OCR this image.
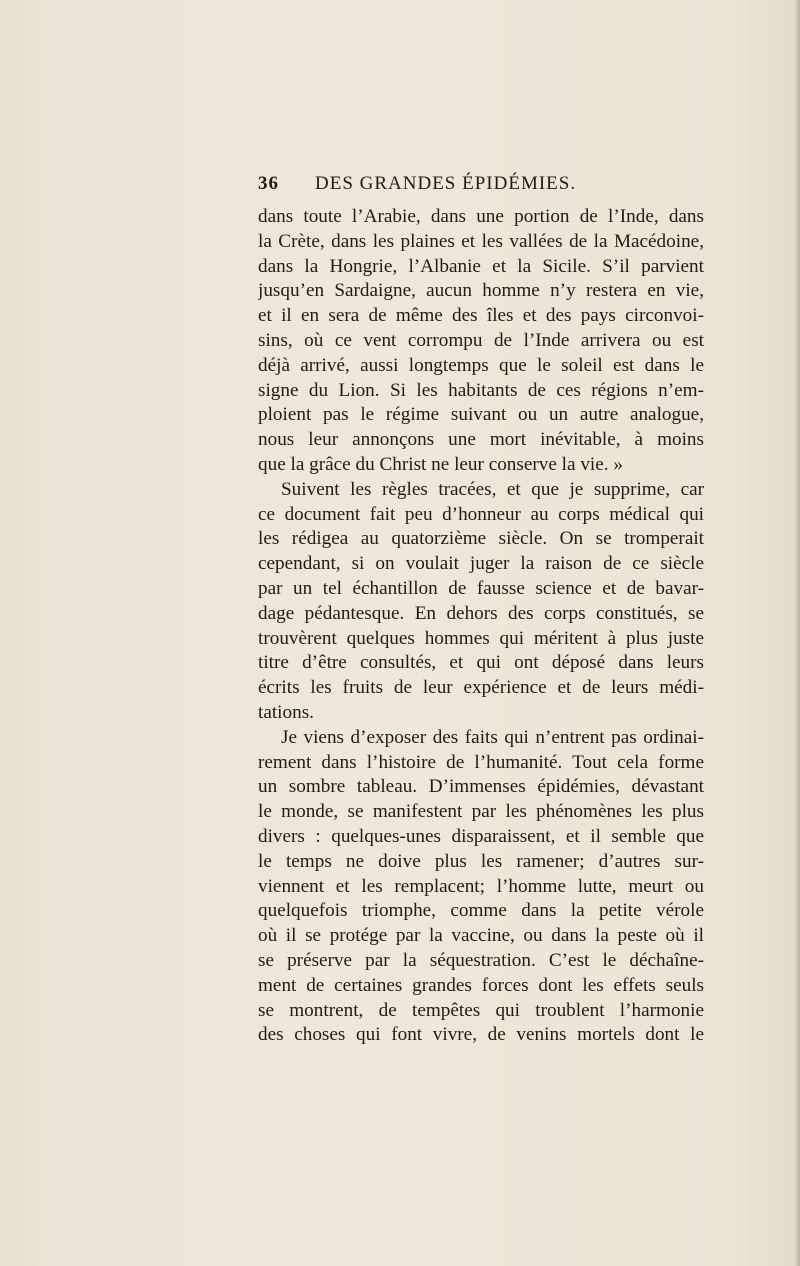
36 DES GRANDES ÉPIDÉMIES.
dans toute l’Arabie, dans une portion de l’Inde, dans
la Crète, dans les plaines et les vallées de la Macédoine,
dans la Hongrie, l’Albanie et la Sicile. S’il parvient
jusqu’en Sardaigne, aucun homme n’y restera en vie,
et il en sera de même des îles et des pays circonvoi-
sins, où ce vent corrompu de l’Inde arrivera ou est
déjà arrivé, aussi longtemps que le soleil est dans le
signe du Lion. Si les habitants de ces régions n’em-
ploient pas le régime suivant ou un autre analogue,
nous leur annonçons une mort inévitable, à moins
que la grâce du Christ ne leur conserve la vie. »
Suivent les règles tracées, et que je supprime, car
ce document fait peu d’honneur au corps médical qui
les rédigea au quatorzième siècle. On se tromperait
cependant, si on voulait juger la raison de ce siècle
par un tel échantillon de fausse science et de bavar-
dage pédantesque. En dehors des corps constitués, se
trouvèrent quelques hommes qui méritent à plus juste
titre d’être consultés, et qui ont déposé dans leurs
écrits les fruits de leur expérience et de leurs médi-
tations.
Je viens d’exposer des faits qui n’entrent pas ordinai-
rement dans l’histoire de l’humanité. Tout cela forme
un sombre tableau. D’immenses épidémies, dévastant
le monde, se manifestent par les phénomènes les plus
divers : quelques-unes disparaissent, et il semble que
le temps ne doive plus les ramener; d’autres sur-
viennent et les remplacent; l’homme lutte, meurt ou
quelquefois triomphe, comme dans la petite vérole
où il se protége par la vaccine, ou dans la peste où il
se préserve par la séquestration. C’est le déchaîne-
ment de certaines grandes forces dont les effets seuls
se montrent, de tempêtes qui troublent l’harmonie
des choses qui font vivre, de venins mortels dont le
